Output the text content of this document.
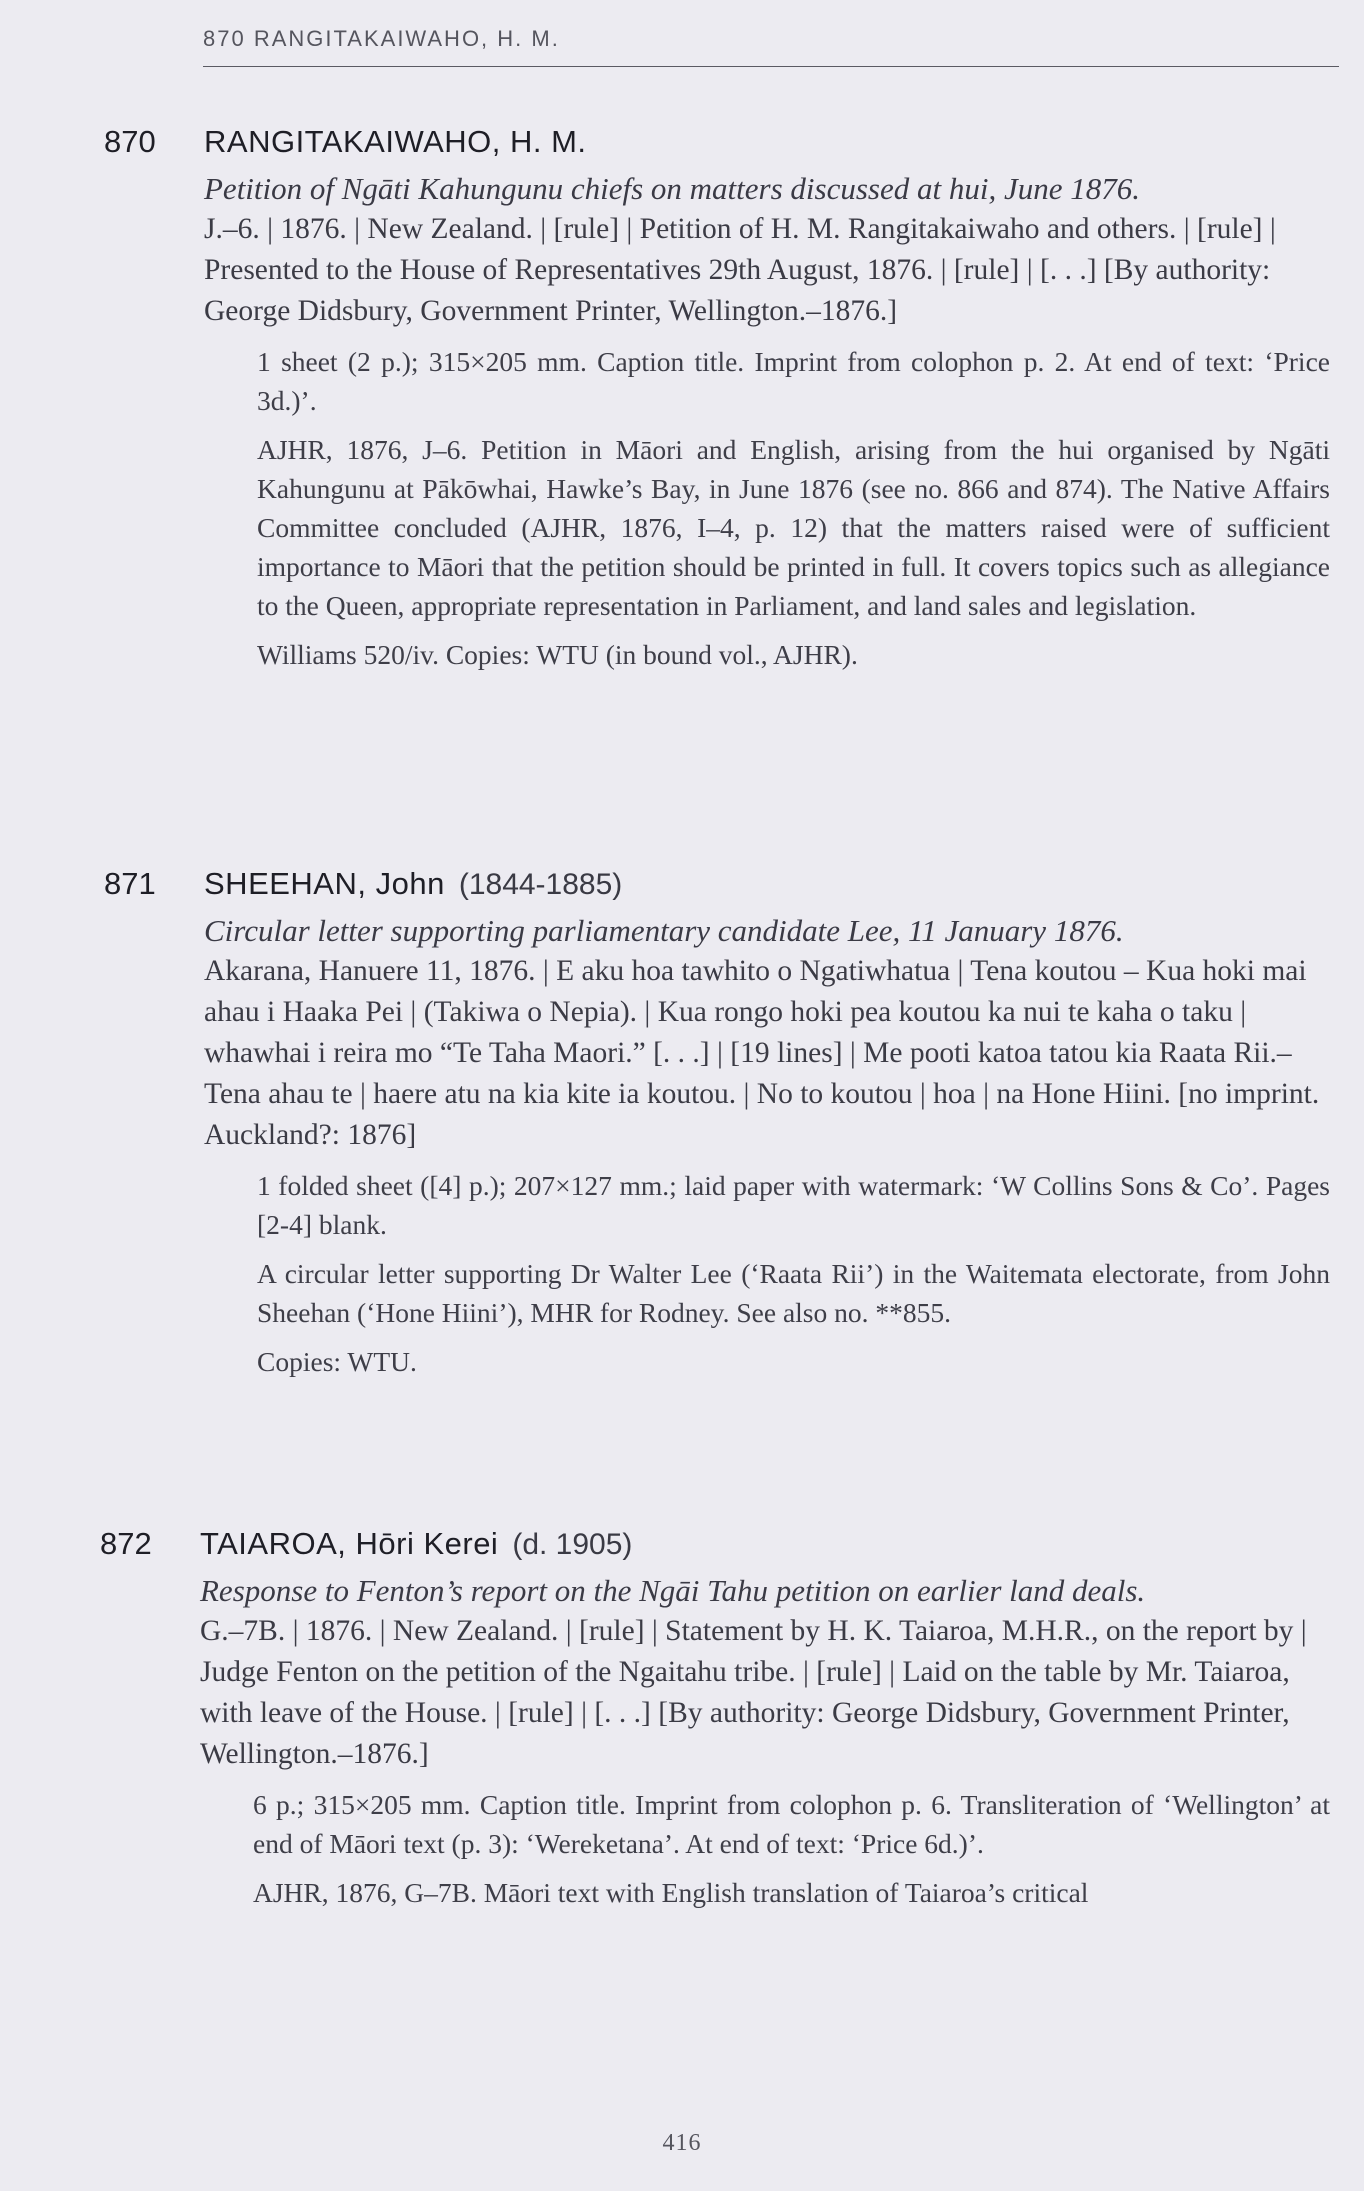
870 RANGITAKAIWAHO, H. M.
870	RANGITAKAIWAHO, H. M.

Petition of Ngāti Kahungunu chiefs on matters discussed at hui, June 1876.

J.–6. | 1876. | New Zealand. | [rule] | Petition of H. M. Rangitakaiwaho and others. | [rule] | Presented to the House of Representatives 29th August, 1876. | [rule] | [. . .] [By authority: George Didsbury, Government Printer, Wellington.–1876.]

1 sheet (2 p.); 315×205 mm. Caption title. Imprint from colophon p. 2. At end of text: ‘Price 3d.)’.

AJHR, 1876, J–6. Petition in Māori and English, arising from the hui organised by Ngāti Kahungunu at Pākōwhai, Hawke’s Bay, in June 1876 (see no. 866 and 874). The Native Affairs Committee concluded (AJHR, 1876, I–4, p. 12) that the matters raised were of sufficient importance to Māori that the petition should be printed in full. It covers topics such as allegiance to the Queen, appropriate representation in Parliament, and land sales and legislation.

Williams 520/iv. Copies: WTU (in bound vol., AJHR).

871	SHEEHAN, John (1844-1885)

Circular letter supporting parliamentary candidate Lee, 11 January 1876.

Akarana, Hanuere 11, 1876. | E aku hoa tawhito o Ngatiwhatua | Tena koutou – Kua hoki mai ahau i Haaka Pei | (Takiwa o Nepia). | Kua rongo hoki pea koutou ka nui te kaha o taku | whawhai i reira mo “Te Taha Maori.” [. . .] | [19 lines] | Me pooti katoa tatou kia Raata Rii.–Tena ahau te | haere atu na kia kite ia koutou. | No to koutou | hoa | na Hone Hiini. [no imprint. Auckland?: 1876]

1 folded sheet ([4] p.); 207×127 mm.; laid paper with watermark: ‘W Collins Sons & Co’. Pages [2-4] blank.

A circular letter supporting Dr Walter Lee (‘Raata Rii’) in the Waitemata electorate, from John Sheehan (‘Hone Hiini’), MHR for Rodney. See also no. **855.

Copies: WTU.

872	TAIAROA, Hōri Kerei (d. 1905)

Response to Fenton’s report on the Ngāi Tahu petition on earlier land deals.

G.–7B. | 1876. | New Zealand. | [rule] | Statement by H. K. Taiaroa, M.H.R., on the report by | Judge Fenton on the petition of the Ngaitahu tribe. | [rule] | Laid on the table by Mr. Taiaroa, with leave of the House. | [rule] | [. . .] [By authority: George Didsbury, Government Printer, Wellington.–1876.]

6 p.; 315×205 mm. Caption title. Imprint from colophon p. 6. Transliteration of ‘Wellington’ at end of Māori text (p. 3): ‘Wereketana’. At end of text: ‘Price 6d.)’.

AJHR, 1876, G–7B. Māori text with English translation of Taiaroa’s critical

416
